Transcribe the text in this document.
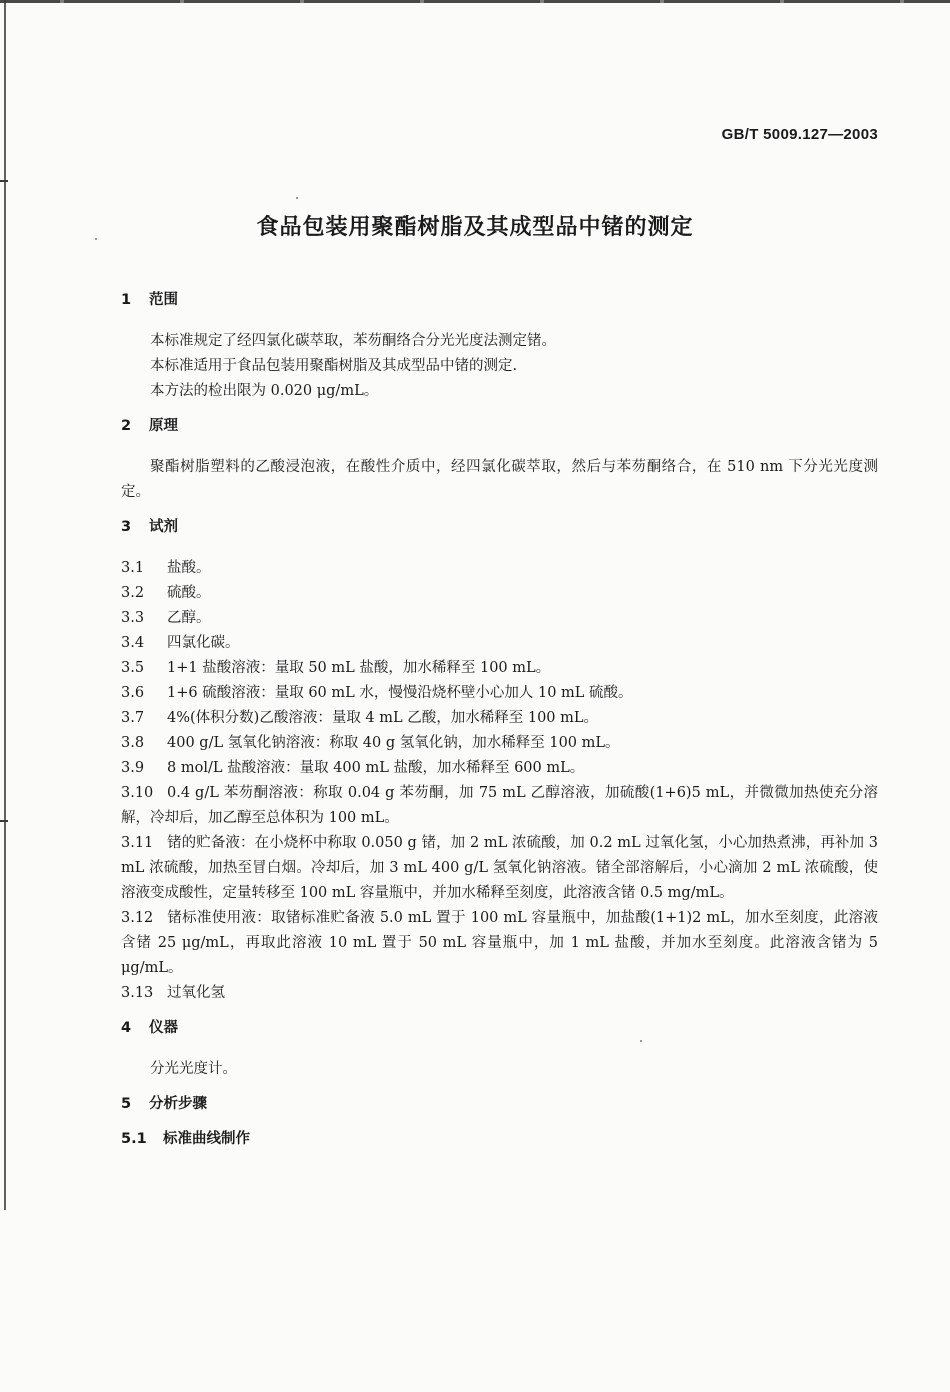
GB/T 5009.127—2003
食品包装用聚酯树脂及其成型品中锗的测定
1 范围

本标准规定了经四氯化碳萃取，苯芴酮络合分光光度法测定锗。

本标准适用于食品包装用聚酯树脂及其成型品中锗的测定.

本方法的检出限为 0.020 μg/mL。

2 原理

聚酯树脂塑料的乙酸浸泡液，在酸性介质中，经四氯化碳萃取，然后与苯芴酮络合，在 510 nm 下分光光度测定。

3 试剂

3.1 盐酸。

3.2 硫酸。

3.3 乙醇。

3.4 四氯化碳。

3.5 1+1 盐酸溶液：量取 50 mL 盐酸，加水稀释至 100 mL。

3.6 1+6 硫酸溶液：量取 60 mL 水，慢慢沿烧杯壁小心加人 10 mL 硫酸。

3.7 4%(体积分数)乙酸溶液：量取 4 mL 乙酸，加水稀释至 100 mL。

3.8 400 g/L 氢氧化钠溶液：称取 40 g 氢氧化钠，加水稀释至 100 mL。

3.9 8 mol/L 盐酸溶液：量取 400 mL 盐酸，加水稀释至 600 mL。

3.10 0.4 g/L 苯芴酮溶液：称取 0.04 g 苯芴酮，加 75 mL 乙醇溶液，加硫酸(1+6)5 mL，并微微加热使充分溶解，冷却后，加乙醇至总体积为 100 mL。

3.11 锗的贮备液：在小烧杯中称取 0.050 g 锗，加 2 mL 浓硫酸，加 0.2 mL 过氧化氢，小心加热煮沸，再补加 3 mL 浓硫酸，加热至冒白烟。冷却后，加 3 mL 400 g/L 氢氧化钠溶液。锗全部溶解后，小心滴加 2 mL 浓硫酸，使溶液变成酸性，定量转移至 100 mL 容量瓶中，并加水稀释至刻度，此溶液含锗 0.5 mg/mL。

3.12 锗标准使用液：取锗标准贮备液 5.0 mL 置于 100 mL 容量瓶中，加盐酸(1+1)2 mL，加水至刻度，此溶液含锗 25 μg/mL，再取此溶液 10 mL 置于 50 mL 容量瓶中，加 1 mL 盐酸，并加水至刻度。此溶液含锗为 5 μg/mL。

3.13 过氧化氢

4 仪器

分光光度计。

5 分析步骤
5.1 标准曲线制作
